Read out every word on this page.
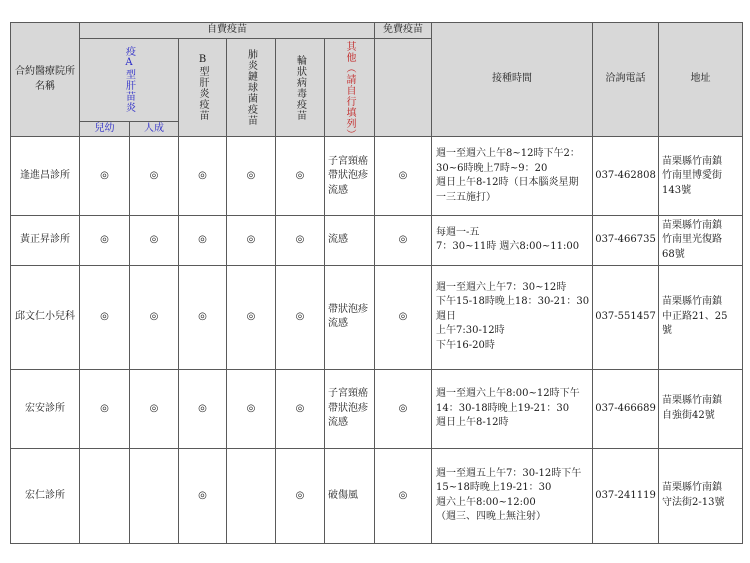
合約醫療院所名稱	自費疫苗						免費疫苗	接種時間	洽詢電話	地址

	疫A型肝苗炎		B型肝炎疫苗	肺炎鏈球菌疫苗	輪狀病毒疫苗	其他（請自行填列）				

	兒幼	人成								
逢進昌診所	◎	◎	◎	◎	◎	子宮頸癌
帶狀泡疹
流感	◎	週一至週六上午8~12時下午2：
30~6時晚上7時~9：20
週日上午8-12時（日本腦炎星期
一三五施打）	037-462808	苗栗縣竹南鎮
竹南里博愛街
143號

黃正昇診所	◎	◎	◎	◎	◎	流感	◎	每週一-五
7：30~11時 週六8:00~11:00	037-466735	苗栗縣竹南鎮
竹南里光復路
68號

邱文仁小兒科	◎	◎	◎	◎	◎	帶狀泡疹
流感	◎	週一至週六上午7：30~12時
下午15-18時晚上18：30-21：30
週日
上午7:30-12時
下午16-20時	037-551457	苗栗縣竹南鎮
中正路21、25
號

宏安診所	◎	◎	◎	◎	◎	子宮頸癌
帶狀泡疹
流感	◎	週一至週六上午8:00~12時下午
14：30-18時晚上19-21：30
週日上午8-12時	037-466689	苗栗縣竹南鎮
自強街42號

宏仁診所			◎		◎	破傷風	◎	週一至週五上午7：30-12時下午
15~18時晚上19-21：30
週六上午8:00~12:00
（週三、四晚上無注射）	037-241119	苗栗縣竹南鎮
守法街2-13號
